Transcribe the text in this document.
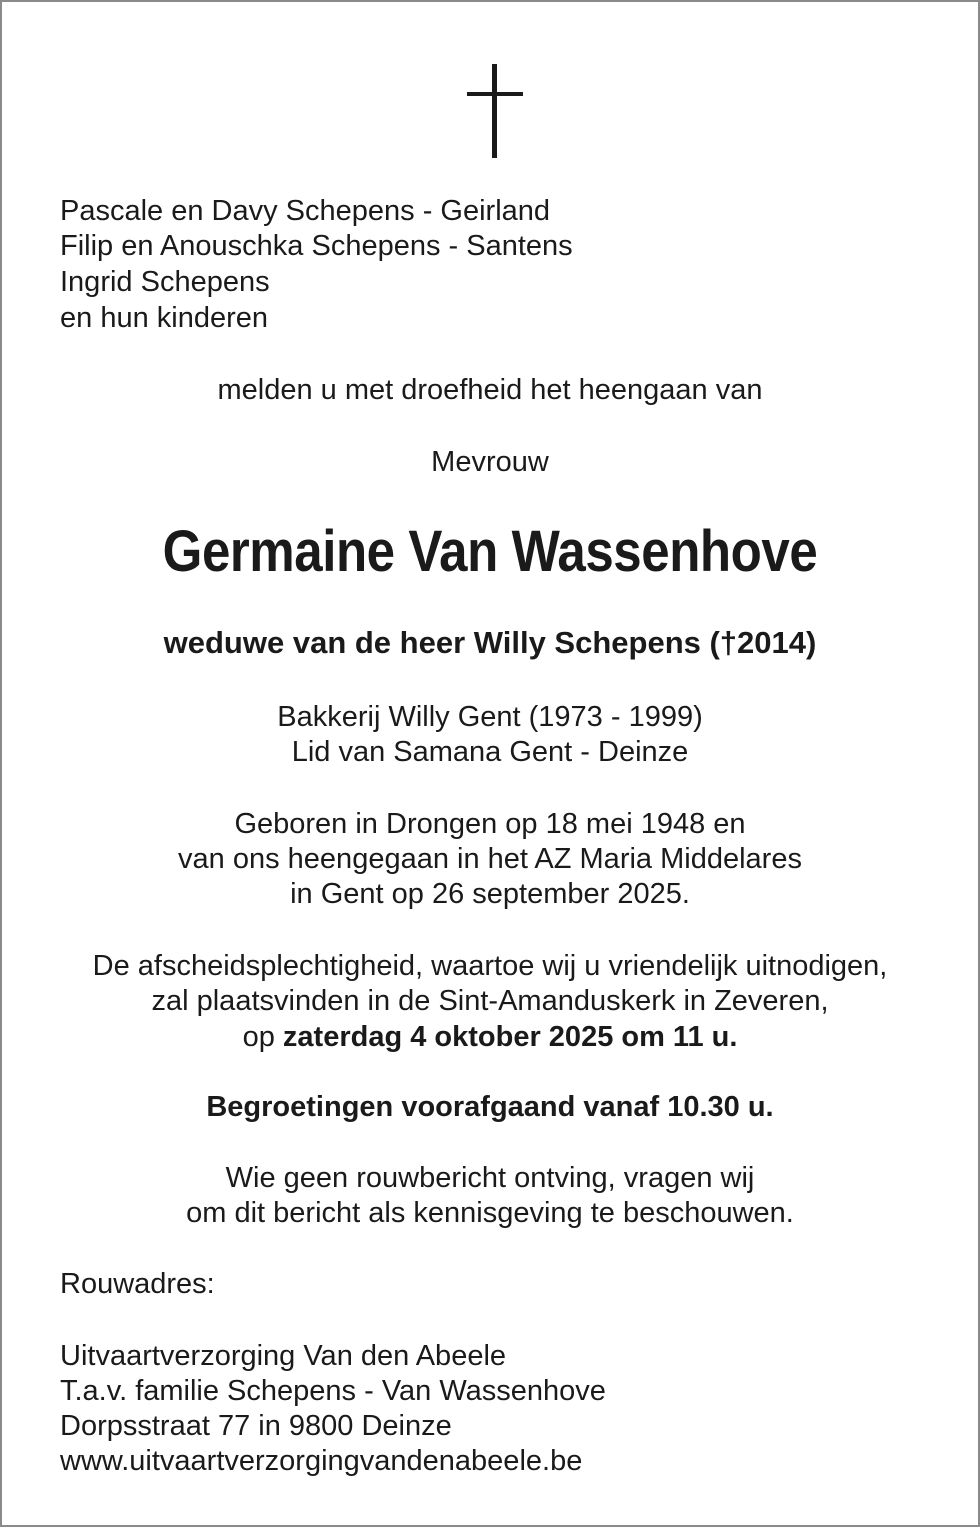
Pascale en Davy Schepens - Geirland
Filip en Anouschka Schepens - Santens
Ingrid Schepens
en hun kinderen
melden u met droefheid het heengaan van
Mevrouw
Germaine Van Wassenhove
weduwe van de heer Willy Schepens (†2014)
Bakkerij Willy Gent (1973 - 1999)
Lid van Samana Gent - Deinze
Geboren in Drongen op 18 mei 1948 en
van ons heengegaan in het AZ Maria Middelares
in Gent op 26 september 2025.
De afscheidsplechtigheid, waartoe wij u vriendelijk uitnodigen,
zal plaatsvinden in de Sint-Amanduskerk in Zeveren,
op zaterdag 4 oktober 2025 om 11 u.
Begroetingen voorafgaand vanaf 10.30 u.
Wie geen rouwbericht ontving, vragen wij
om dit bericht als kennisgeving te beschouwen.
Rouwadres:
Uitvaartverzorging Van den Abeele
T.a.v. familie Schepens - Van Wassenhove
Dorpsstraat 77 in 9800 Deinze
www.uitvaartverzorgingvandenabeele.be
